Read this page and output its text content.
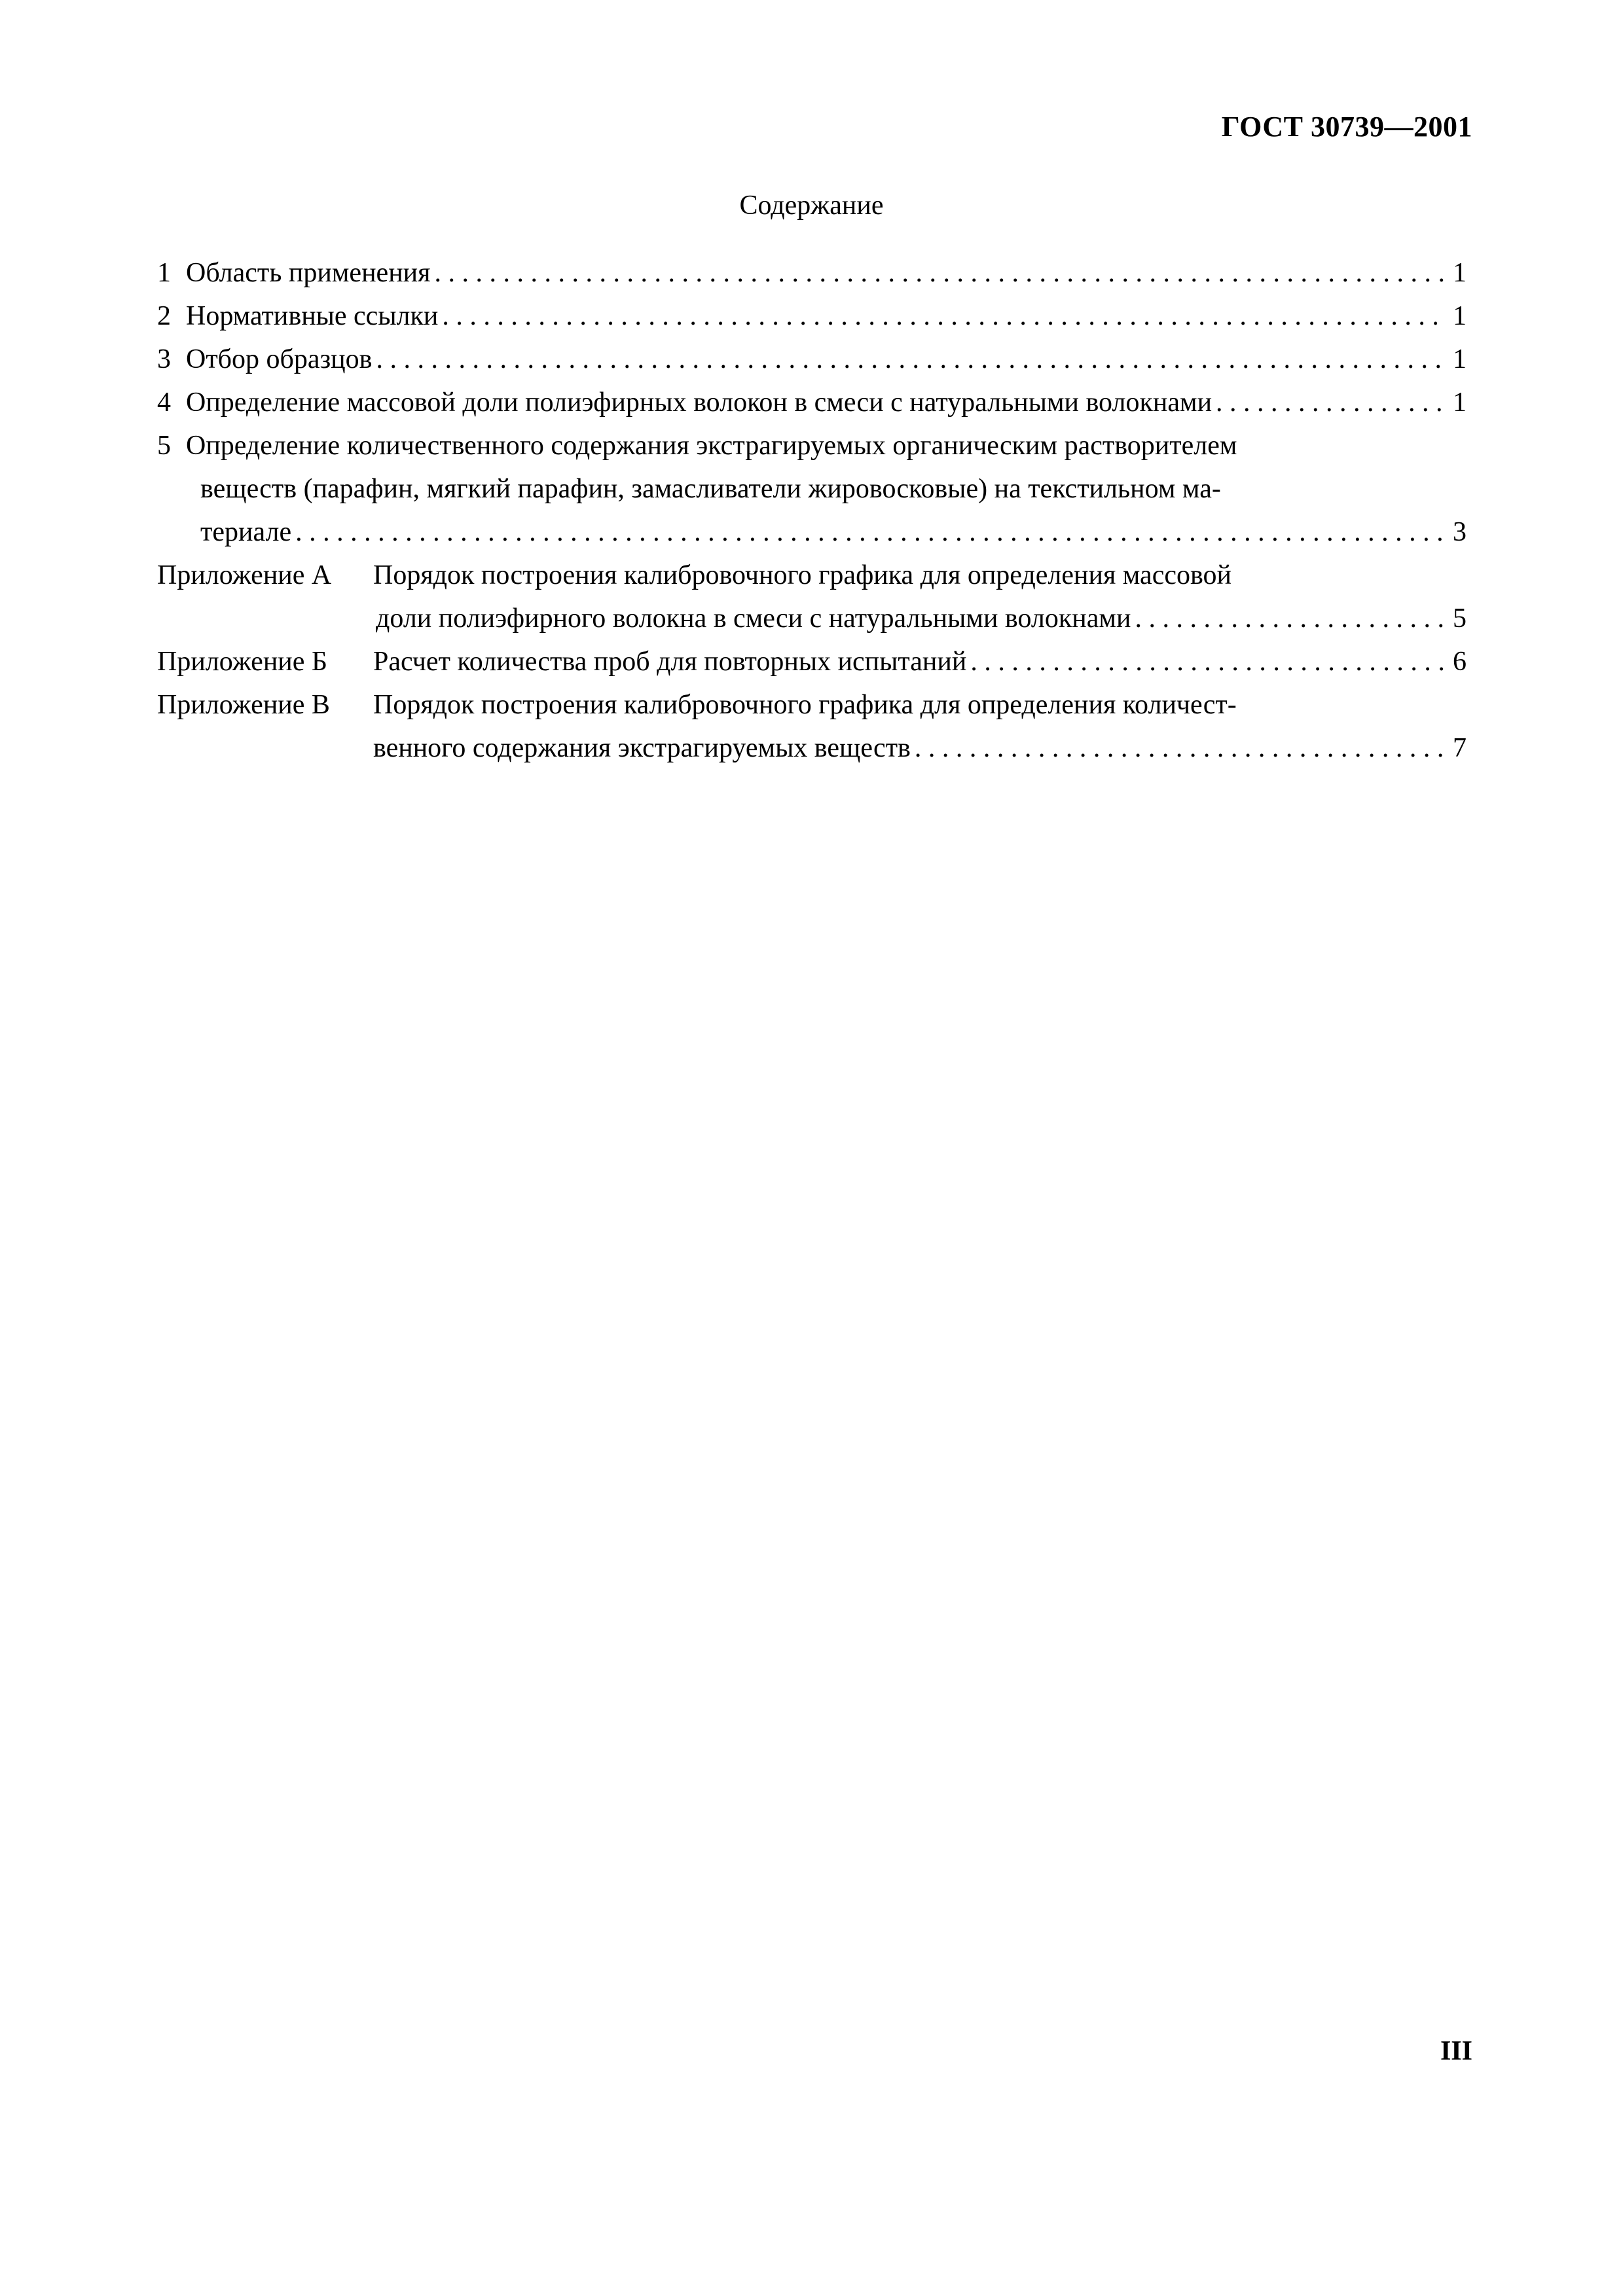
ГОСТ 30739—2001
Содержание
1 Область применения . . .	1
2 Нормативные ссылки . . .	1
3 Отбор образцов . . .	1
4 Определение массовой доли полиэфирных волокон в смеси с натуральными волокнами . . .	1
5 Определение количественного содержания экстрагируемых органическим растворителем
веществ (парафин, мягкий парафин, замасливатели жировосковые) на текстильном ма-
териале . . .	3
Приложение А	Порядок построения калибровочного графика для определения массовой
доли полиэфирного волокна в смеси с натуральными волокнами . . .	5
Приложение Б	Расчет количества проб для повторных испытаний . . .	6
Приложение В	Порядок построения калибровочного графика для определения количест-
венного содержания экстрагируемых веществ . . .	7
III
